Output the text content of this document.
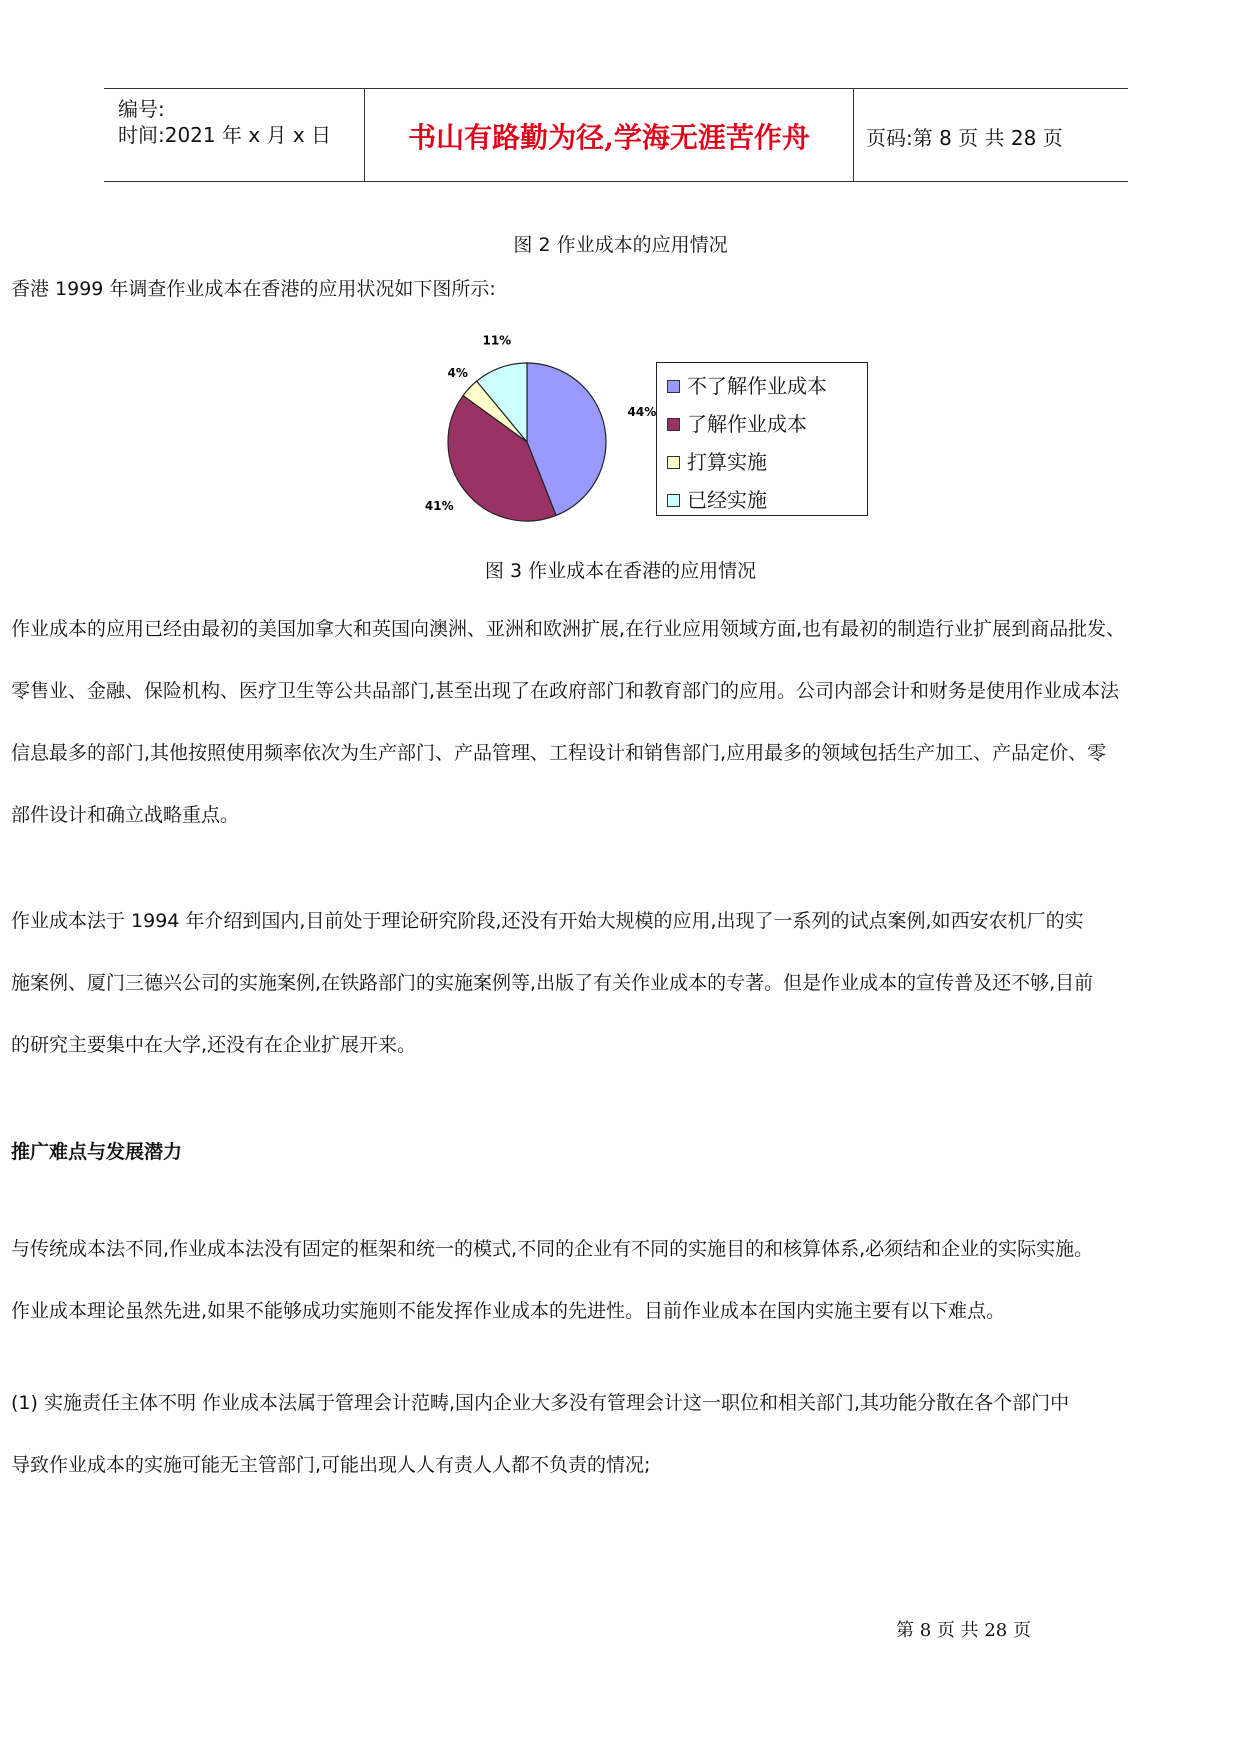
编号:
时间:2021 年 x 月 x 日	书山有路勤为径,学海无涯苦作舟	页码:第 8 页 共 28 页
图 2 作业成本的应用情况
香港 1999 年调查作业成本在香港的应用状况如下图所示:
44%
41%
4%
11%
不了解作业成本
了解作业成本
打算实施
已经实施
图 3 作业成本在香港的应用情况
作业成本的应用已经由最初的美国加拿大和英国向澳洲、亚洲和欧洲扩展,在行业应用领域方面,也有最初的制造行业扩展到商品批发、
零售业、金融、保险机构、医疗卫生等公共品部门,甚至出现了在政府部门和教育部门的应用。公司内部会计和财务是使用作业成本法
信息最多的部门,其他按照使用频率依次为生产部门、产品管理、工程设计和销售部门,应用最多的领域包括生产加工、产品定价、零
部件设计和确立战略重点。
作业成本法于 1994 年介绍到国内,目前处于理论研究阶段,还没有开始大规模的应用,出现了一系列的试点案例,如西安农机厂的实
施案例、厦门三德兴公司的实施案例,在铁路部门的实施案例等,出版了有关作业成本的专著。但是作业成本的宣传普及还不够,目前
的研究主要集中在大学,还没有在企业扩展开来。
推广难点与发展潜力
与传统成本法不同,作业成本法没有固定的框架和统一的模式,不同的企业有不同的实施目的和核算体系,必须结和企业的实际实施。
作业成本理论虽然先进,如果不能够成功实施则不能发挥作业成本的先进性。目前作业成本在国内实施主要有以下难点。
(1) 实施责任主体不明 作业成本法属于管理会计范畴,国内企业大多没有管理会计这一职位和相关部门,其功能分散在各个部门中
导致作业成本的实施可能无主管部门,可能出现人人有责人人都不负责的情况;
第 8 页 共 28 页
